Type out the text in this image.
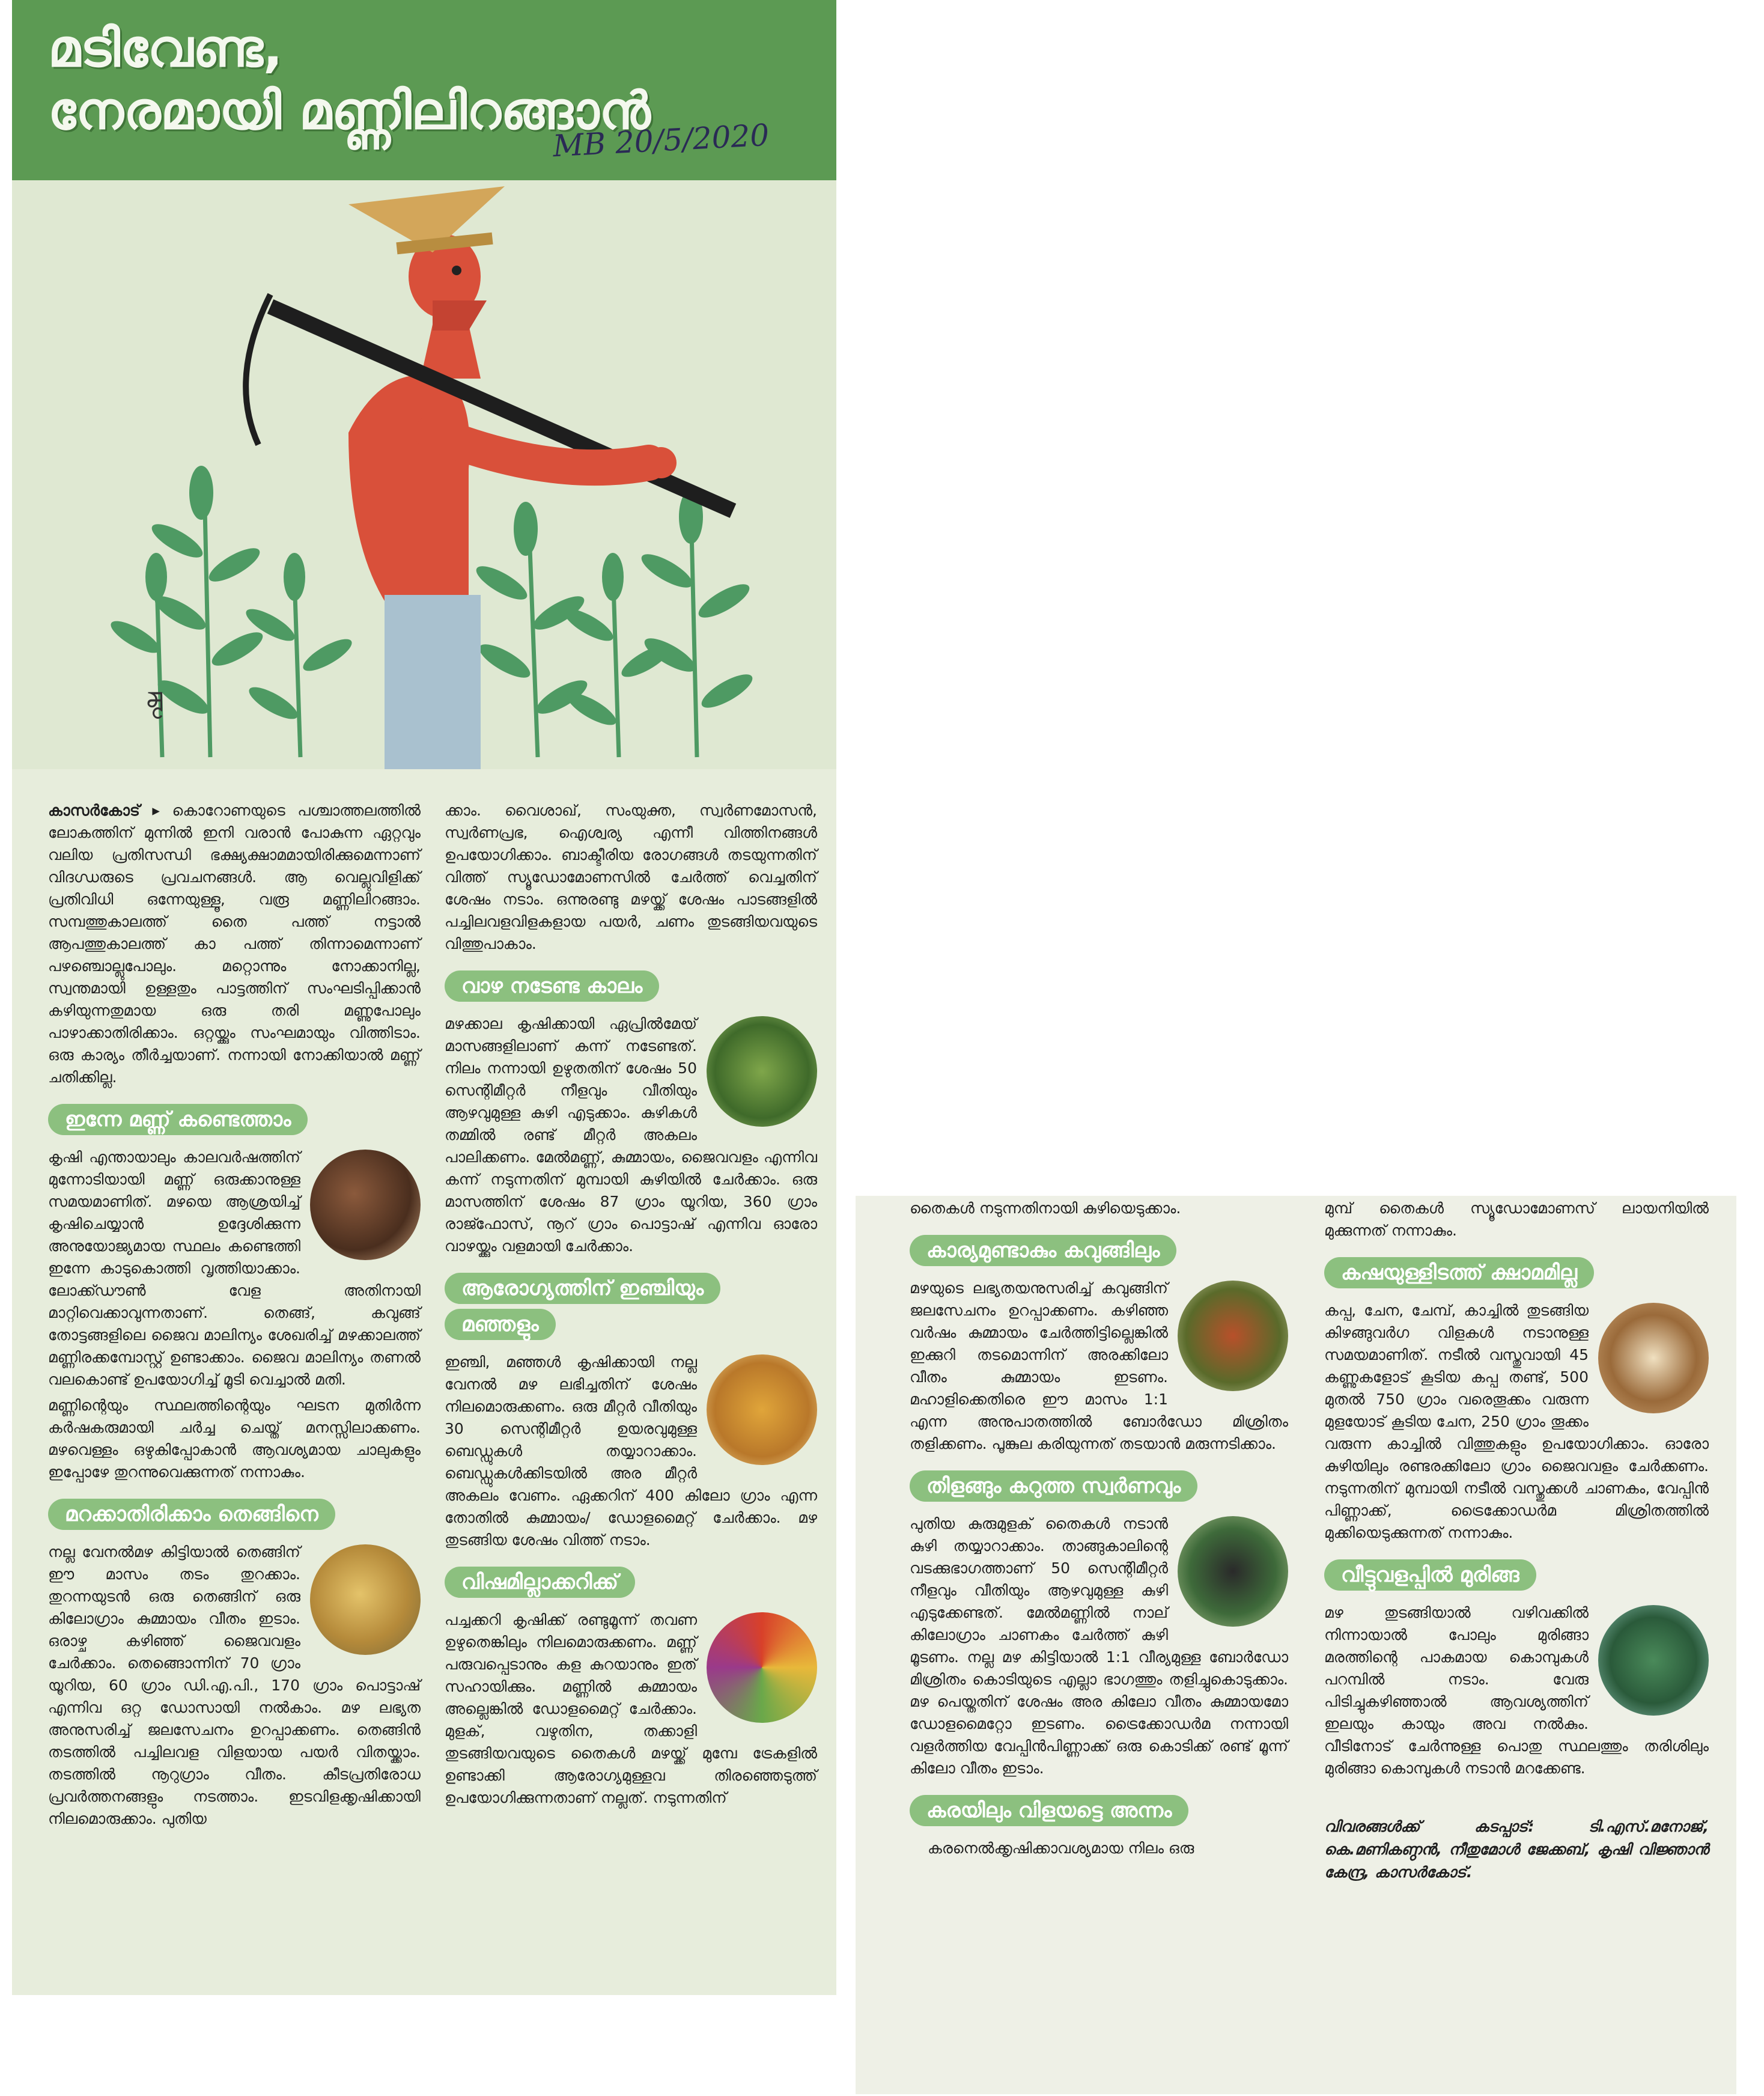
മടിവേണ്ട,
നേരമായി മണ്ണിലിറങ്ങാൻ
MB 20/5/2020
ഷ

കാസർകോട് ▸ കൊറോണയുടെ പശ്ചാത്തലത്തിൽ ലോകത്തിന് മുന്നിൽ ഇനി വരാൻ പോകുന്ന ഏറ്റവും വലിയ പ്രതിസന്ധി ഭക്ഷ്യക്ഷാമമായിരിക്കുമെന്നാണ് വിദഗ്ധരുടെ പ്രവചനങ്ങൾ. ആ വെല്ലുവിളിക്ക് പ്രതിവിധി ഒന്നേയുള്ളൂ, വരൂ മണ്ണിലിറങ്ങാം. സമ്പത്തുകാലത്ത് തൈ പത്ത് നട്ടാൽ ആപത്തുകാലത്ത് കാ പത്ത് തിന്നാമെന്നാണ് പഴഞ്ചൊല്ലുപോലും. മറ്റൊന്നും നോക്കാനില്ല, സ്വന്തമായി ഉള്ളതും പാട്ടത്തിന് സംഘടിപ്പിക്കാൻ കഴിയുന്നതുമായ ഒരു തരി മണ്ണുപോലും പാഴാക്കാതിരിക്കാം. ഒറ്റയ്ക്കും സംഘമായും വിത്തിടാം. ഒരു കാര്യം തീർച്ചയാണ്. നന്നായി നോക്കിയാൽ മണ്ണ് ചതിക്കില്ല.

ഇന്നേ മണ്ണ് കണ്ടെത്താം

കൃഷി എന്തായാലും കാലവർഷത്തിന് മുന്നോടിയായി മണ്ണ് ഒരുക്കാനുള്ള സമയമാണിത്. മഴയെ ആശ്രയിച്ച് കൃഷിചെയ്യാൻ ഉദ്ദേശിക്കുന്ന അനുയോജ്യമായ സ്ഥലം കണ്ടെത്തി ഇന്നേ കാടുകൊത്തി വൃത്തിയാക്കാം. ലോക്ക്ഡൗൺ വേള അതിനായി മാറ്റിവെക്കാവുന്നതാണ്. തെങ്ങ്, കവുങ്ങ് തോട്ടങ്ങളിലെ ജൈവ മാലിന്യം ശേഖരിച്ച് മഴക്കാലത്ത് മണ്ണിരക്കമ്പോസ്റ്റ് ഉണ്ടാക്കാം. ജൈവ മാലിന്യം തണൽ വലകൊണ്ട് ഉപയോഗിച്ച് മൂടി വെച്ചാൽ മതി.

മണ്ണിന്റെയും സ്ഥലത്തിന്റെയും ഘടന മുതിർന്ന കർഷകരുമായി ചർച്ച ചെയ്ത് മനസ്സിലാക്കണം. മഴവെള്ളം ഒഴുകിപ്പോകാൻ ആവശ്യമായ ചാലുകളും ഇപ്പോഴേ തുറന്നുവെക്കുന്നത് നന്നാകും.

മറക്കാതിരിക്കാം തെങ്ങിനെ

നല്ല വേനൽമഴ കിട്ടിയാൽ തെങ്ങിന് ഈ മാസം തടം തുറക്കാം. തുറന്നയുടൻ ഒരു തെങ്ങിന് ഒരു കിലോഗ്രാം കുമ്മായം വീതം ഇടാം. ഒരാഴ്ച കഴിഞ്ഞ് ജൈവവളം ചേർക്കാം. തെങ്ങൊന്നിന് 70 ഗ്രാം യൂറിയ, 60 ഗ്രാം ഡി.എ.പി., 170 ഗ്രാം പൊട്ടാഷ് എന്നിവ ഒറ്റ ഡോസായി നൽകാം. മഴ ലഭ്യത അനുസരിച്ച് ജലസേചനം ഉറപ്പാക്കണം. തെങ്ങിൻ തടത്തിൽ പച്ചിലവള വിളയായ പയർ വിതയ്ക്കാം. തടത്തിൽ നൂറുഗ്രാം വീതം. കീടപ്രതിരോധ പ്രവർത്തനങ്ങളും നടത്താം. ഇടവിളക്കൃഷിക്കായി നിലമൊരുക്കാം. പുതിയ

ക്കാം. വൈശാഖ്, സംയുക്ത, സ്വർണമോസൻ, സ്വർണപ്രഭ, ഐശ്വര്യ എന്നീ വിത്തിനങ്ങൾ ഉപയോഗിക്കാം. ബാക്ടീരിയ രോഗങ്ങൾ തടയുന്നതിന് വിത്ത് സ്യൂഡോമോണസിൽ ചേർത്ത് വെച്ചതിന് ശേഷം നടാം. ഒന്നുരണ്ടു മഴയ്ക്ക് ശേഷം പാടങ്ങളിൽ പച്ചിലവളവിളകളായ പയർ, ചണം തുടങ്ങിയവയുടെ വിത്തുപാകാം.

വാഴ നടേണ്ട കാലം

മഴക്കാല കൃഷിക്കായി ഏപ്രിൽമേയ് മാസങ്ങളിലാണ് കന്ന് നടേണ്ടത്. നിലം നന്നായി ഉഴുതതിന് ശേഷം 50 സെന്റിമീറ്റർ നീളവും വീതിയും ആഴവുമുള്ള കുഴി എടുക്കാം. കുഴികൾ തമ്മിൽ രണ്ട് മീറ്റർ അകലം പാലിക്കണം. മേൽമണ്ണ്, കുമ്മായം, ജൈവവളം എന്നിവ കന്ന് നടുന്നതിന് മുമ്പായി കുഴിയിൽ ചേർക്കാം. ഒരു മാസത്തിന് ശേഷം 87 ഗ്രാം യൂറിയ, 360 ഗ്രാം രാജ്ഫോസ്, നൂറ് ഗ്രാം പൊട്ടാഷ് എന്നിവ ഓരോ വാഴയ്ക്കും വളമായി ചേർക്കാം.

ആരോഗ്യത്തിന് ഇഞ്ചിയും
മഞ്ഞളും

ഇഞ്ചി, മഞ്ഞൾ കൃഷിക്കായി നല്ല വേനൽ മഴ ലഭിച്ചതിന് ശേഷം നിലമൊരുക്കണം. ഒരു മീറ്റർ വീതിയും 30 സെന്റിമീറ്റർ ഉയരവുമുള്ള ബെഡ്ഡുകൾ തയ്യാറാക്കാം. ബെഡ്ഡുകൾക്കിടയിൽ അര മീറ്റർ അകലം വേണം. ഏക്കറിന് 400 കിലോ ഗ്രാം എന്ന തോതിൽ കുമ്മായം/ ഡോളമൈറ്റ് ചേർക്കാം. മഴ തുടങ്ങിയ ശേഷം വിത്ത് നടാം.

വിഷമില്ലാക്കറിക്ക്

പച്ചക്കറി കൃഷിക്ക് രണ്ടുമൂന്ന് തവണ ഉഴുതെങ്കിലും നിലമൊരുക്കണം. മണ്ണ് പരുവപ്പെടാനും കള കുറയാനും ഇത് സഹായിക്കും. മണ്ണിൽ കുമ്മായം അല്ലെങ്കിൽ ഡോളമൈറ്റ് ചേർക്കാം. മുളക്, വഴുതിന, തക്കാളി തുടങ്ങിയവയുടെ തൈകൾ മഴയ്ക്ക് മുമ്പേ ട്രേകളിൽ ഉണ്ടാക്കി ആരോഗ്യമുള്ളവ തിരഞ്ഞെടുത്ത് ഉപയോഗിക്കുന്നതാണ് നല്ലത്. നടുന്നതിന്

തൈകൾ നടുന്നതിനായി കുഴിയെടുക്കാം.

കാര്യമുണ്ടാകും കവുങ്ങിലും

മഴയുടെ ലഭ്യതയനുസരിച്ച് കവുങ്ങിന് ജലസേചനം ഉറപ്പാക്കണം. കഴിഞ്ഞ വർഷം കുമ്മായം ചേർത്തിട്ടില്ലെങ്കിൽ ഇക്കുറി തടമൊന്നിന് അരക്കിലോ വീതം കുമ്മായം ഇടണം. മഹാളിക്കെതിരെ ഈ മാസം 1:1 എന്ന അനുപാതത്തിൽ ബോർഡോ മിശ്രിതം തളിക്കണം. പൂങ്കുല കരിയുന്നത് തടയാൻ മരുന്നടിക്കാം.

തിളങ്ങും കറുത്ത സ്വർണവും

പുതിയ കുരുമുളക് തൈകൾ നടാൻ കുഴി തയ്യാറാക്കാം. താങ്ങുകാലിന്റെ വടക്കുഭാഗത്താണ് 50 സെന്റിമീറ്റർ നീളവും വീതിയും ആഴവുമുള്ള കുഴി എടുക്കേണ്ടത്. മേൽമണ്ണിൽ നാല് കിലോഗ്രാം ചാണകം ചേർത്ത് കുഴി മൂടണം. നല്ല മഴ കിട്ടിയാൽ 1:1 വീര്യമുള്ള ബോർഡോ മിശ്രിതം കൊടിയുടെ എല്ലാ ഭാഗത്തും തളിച്ചുകൊടുക്കാം. മഴ പെയ്തതിന് ശേഷം അര കിലോ വീതം കുമ്മായമോ ഡോളമൈറ്റോ ഇടണം. ട്രൈക്കോഡർമ നന്നായി വളർത്തിയ വേപ്പിൻപിണ്ണാക്ക് ഒരു കൊടിക്ക് രണ്ട് മൂന്ന് കിലോ വീതം ഇടാം.

കരയിലും വിളയട്ടെ അന്നം

കരനെൽക്കൃഷിക്കാവശ്യമായ നിലം ഒരു

മുമ്പ് തൈകൾ സ്യൂഡോമോണസ് ലായനിയിൽ മുക്കുന്നത് നന്നാകും.

കഷയുള്ളിടത്ത് ക്ഷാമമില്ല

കപ്പ, ചേന, ചേമ്പ്, കാച്ചിൽ തുടങ്ങിയ കിഴങ്ങുവർഗ വിളകൾ നടാനുള്ള സമയമാണിത്. നടീൽ വസ്തുവായി 45 കണ്ണുകളോട് കൂടിയ കപ്പ തണ്ട്, 500 മുതൽ 750 ഗ്രാം വരെതൂക്കം വരുന്ന മുളയോട് കൂടിയ ചേന, 250 ഗ്രാം തൂക്കം വരുന്ന കാച്ചിൽ വിത്തുകളും ഉപയോഗിക്കാം. ഓരോ കുഴിയിലും രണ്ടരക്കിലോ ഗ്രാം ജൈവവളം ചേർക്കണം. നടുന്നതിന് മുമ്പായി നടീൽ വസ്തുക്കൾ ചാണകം, വേപ്പിൻ പിണ്ണാക്ക്, ട്രൈക്കോഡർമ മിശ്രിതത്തിൽ മുക്കിയെടുക്കുന്നത് നന്നാകും.

വീട്ടുവളപ്പിൽ മുരിങ്ങ

മഴ തുടങ്ങിയാൽ വഴിവക്കിൽ നിന്നായാൽ പോലും മുരിങ്ങാ മരത്തിന്റെ പാകമായ കൊമ്പുകൾ പറമ്പിൽ നടാം. വേരു പിടിച്ചുകഴിഞ്ഞാൽ ആവശ്യത്തിന് ഇലയും കായും അവ നൽകും. വീടിനോട് ചേർന്നുള്ള പൊതു സ്ഥലത്തും തരിശിലും മുരിങ്ങാ കൊമ്പുകൾ നടാൻ മറക്കേണ്ട.

വിവരങ്ങൾക്ക് കടപ്പാട്: ടി.എസ്.മനോജ്, കെ.മണികണ്ഠൻ, നീതുമോൾ ജേക്കബ്, കൃഷി വിജ്ഞാൻ കേന്ദ്ര, കാസർകോട്.
